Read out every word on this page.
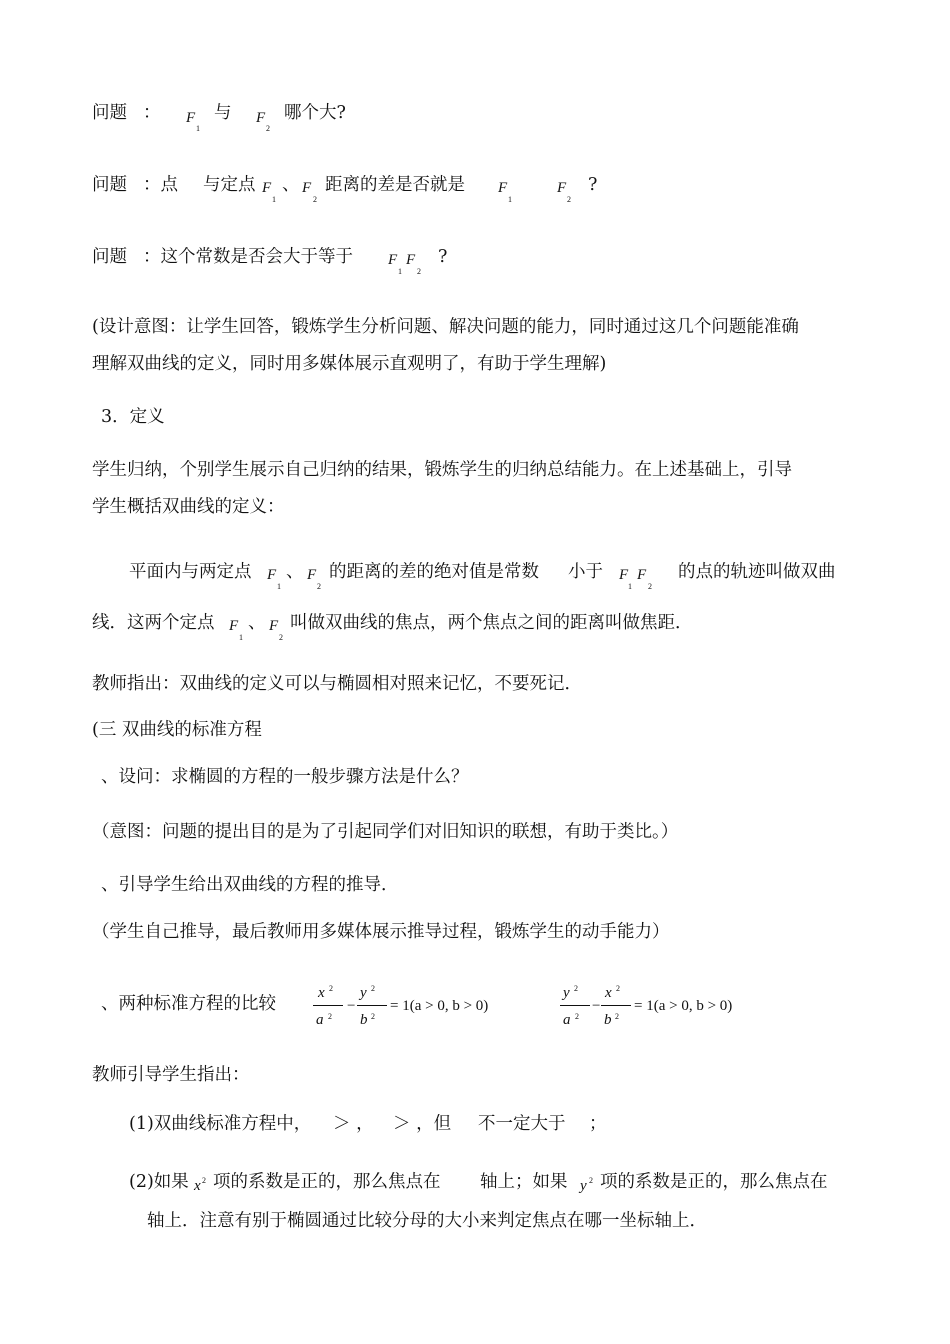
问题 ： F
1
与 F
2
哪个大?
问题 ：点 与定点 F
1
、 F
2
距离的差是否就是 F
1
F
2
?
问题 ：这个常数是否会大于等于 F
1
F
2
?
(设计意图：让学生回答，锻炼学生分析问题、解决问题的能力，同时通过这几个问题能准确
理解双曲线的定义，同时用多媒体展示直观明了，有助于学生理解)
3．定义
学生归纳，个别学生展示自己归纳的结果，锻炼学生的归纳总结能力。在上述基础上，引导
学生概括双曲线的定义：
平面内与两定点 F
1
、 F
2
的距离的差的绝对值是常数 小于 F
1
F
2
的点的轨迹叫做双曲
线．这两个定点 F
1
、 F
2
叫做双曲线的焦点，两个焦点之间的距离叫做焦距．
教师指出：双曲线的定义可以与椭圆相对照来记忆，不要死记．
(三 双曲线的标准方程
、设问：求椭圆的方程的一般步骤方法是什么？
（意图：问题的提出目的是为了引起同学们对旧知识的联想，有助于类比。）
、引导学生给出双曲线的方程的推导．
（学生自己推导，最后教师用多媒体展示推导过程，锻炼学生的动手能力）
、两种标准方程的比较
x 2
a 2
−
y 2
b 2
= 1(a > 0, b > 0)
y 2
a 2
−
x 2
b 2
= 1(a > 0, b > 0)
教师引导学生指出：
(1)双曲线标准方程中， ＞ ， ＞ ，但 不一定大于 ；
(2)如果 x 2 项的系数是正的，那么焦点在 轴上；如果 y 2 项的系数是正的，那么焦点在
轴上．注意有别于椭圆通过比较分母的大小来判定焦点在哪一坐标轴上．
